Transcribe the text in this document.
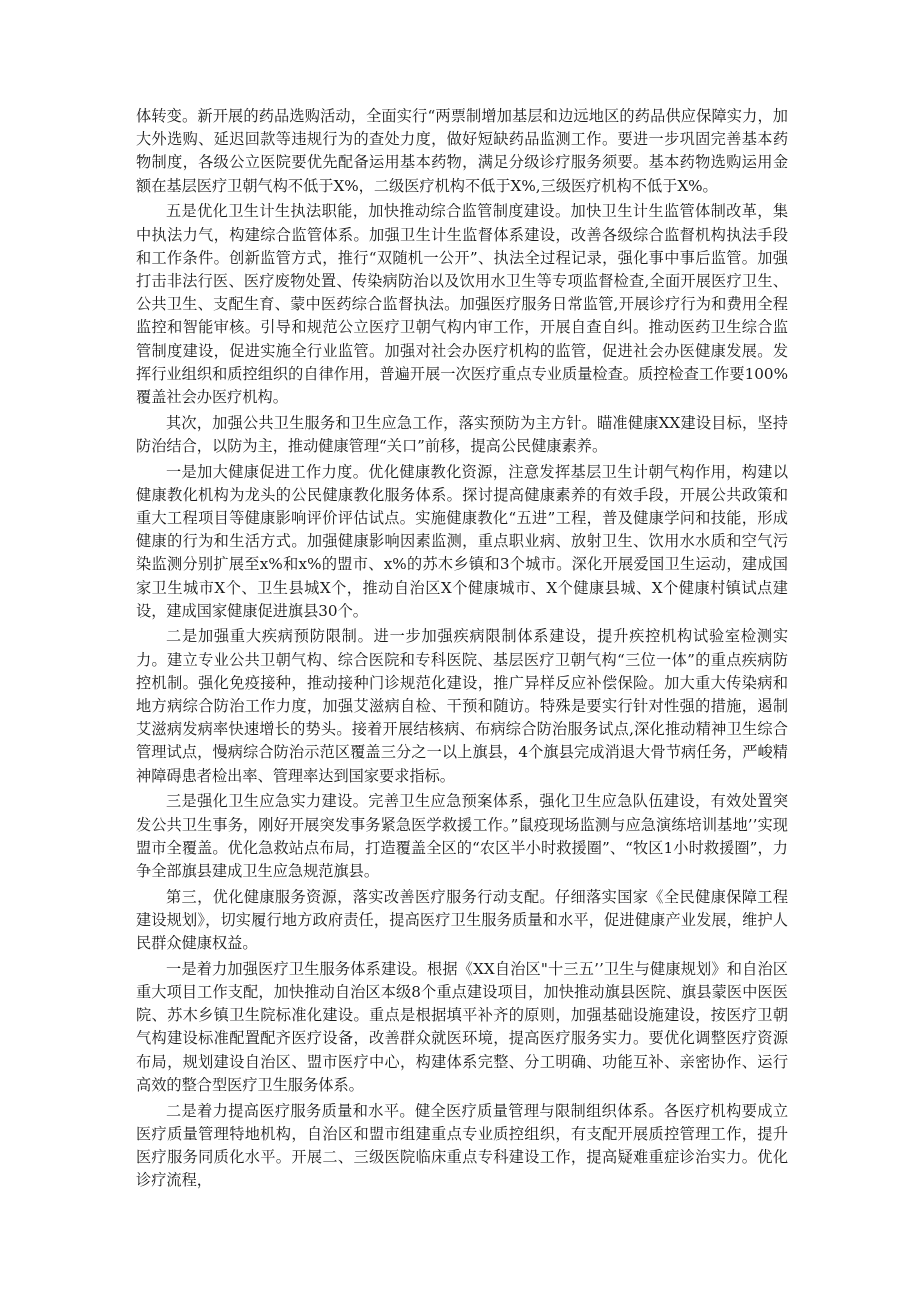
体转变。新开展的药品选购活动，全面实行“两票制增加基层和边远地区的药品供应保障实力，加大外选购、延迟回款等违规行为的查处力度，做好短缺药品监测工作。要进一步巩固完善基本药物制度，各级公立医院要优先配备运用基本药物，满足分级诊疗服务须要。基本药物选购运用金额在基层医疗卫朝气构不低于X%，二级医疗机构不低于X%,三级医疗机构不低于X%。

五是优化卫生计生执法职能，加快推动综合监管制度建设。加快卫生计生监管体制改革，集中执法力气，构建综合监管体系。加强卫生计生监督体系建设，改善各级综合监督机构执法手段和工作条件。创新监管方式，推行“双随机一公开”、执法全过程记录，强化事中事后监管。加强打击非法行医、医疗废物处置、传染病防治以及饮用水卫生等专项监督检查,全面开展医疗卫生、公共卫生、支配生育、蒙中医药综合监督执法。加强医疗服务日常监管,开展诊疗行为和费用全程监控和智能审核。引导和规范公立医疗卫朝气构内审工作，开展自查自纠。推动医药卫生综合监管制度建设，促进实施全行业监管。加强对社会办医疗机构的监管，促进社会办医健康发展。发挥行业组织和质控组织的自律作用，普遍开展一次医疗重点专业质量检查。质控检查工作要100%覆盖社会办医疗机构。

其次，加强公共卫生服务和卫生应急工作，落实预防为主方针。瞄准健康XX建设目标，坚持防治结合，以防为主，推动健康管理“关口”前移，提高公民健康素养。

一是加大健康促进工作力度。优化健康教化资源，注意发挥基层卫生计朝气构作用，构建以健康教化机构为龙头的公民健康教化服务体系。探讨提高健康素养的有效手段，开展公共政策和重大工程项目等健康影响评价评估试点。实施健康教化“五进”工程，普及健康学问和技能，形成健康的行为和生活方式。加强健康影响因素监测，重点职业病、放射卫生、饮用水水质和空气污染监测分别扩展至x%和x%的盟市、x%的苏木乡镇和3个城市。深化开展爱国卫生运动，建成国家卫生城市X个、卫生县城X个，推动自治区X个健康城市、X个健康县城、X个健康村镇试点建设，建成国家健康促进旗县30个。

二是加强重大疾病预防限制。进一步加强疾病限制体系建设，提升疾控机构试验室检测实力。建立专业公共卫朝气构、综合医院和专科医院、基层医疗卫朝气构“三位一体”的重点疾病防控机制。强化免疫接种，推动接种门诊规范化建设，推广异样反应补偿保险。加大重大传染病和地方病综合防治工作力度，加强艾滋病自检、干预和随访。特殊是要实行针对性强的措施，遏制艾滋病发病率快速增长的势头。接着开展结核病、布病综合防治服务试点,深化推动精神卫生综合管理试点，慢病综合防治示范区覆盖三分之一以上旗县，4个旗县完成消退大骨节病任务，严峻精神障碍患者检出率、管理率达到国家要求指标。

三是强化卫生应急实力建设。完善卫生应急预案体系，强化卫生应急队伍建设，有效处置突发公共卫生事务，刚好开展突发事务紧急医学救援工作。”鼠疫现场监测与应急演练培训基地’’实现盟市全覆盖。优化急救站点布局，打造覆盖全区的“农区半小时救援圈”、“牧区1小时救援圈”，力争全部旗县建成卫生应急规范旗县。

第三，优化健康服务资源，落实改善医疗服务行动支配。仔细落实国家《全民健康保障工程建设规划》，切实履行地方政府责任，提高医疗卫生服务质量和水平，促进健康产业发展，维护人民群众健康权益。

一是着力加强医疗卫生服务体系建设。根据《XX自治区"十三五’’卫生与健康规划》和自治区重大项目工作支配，加快推动自治区本级8个重点建设项目，加快推动旗县医院、旗县蒙医中医医院、苏木乡镇卫生院标准化建设。重点是根据填平补齐的原则，加强基础设施建设，按医疗卫朝气构建设标准配置配齐医疗设备，改善群众就医环境，提高医疗服务实力。要优化调整医疗资源布局，规划建设自治区、盟市医疗中心，构建体系完整、分工明确、功能互补、亲密协作、运行高效的整合型医疗卫生服务体系。

二是着力提高医疗服务质量和水平。健全医疗质量管理与限制组织体系。各医疗机构要成立医疗质量管理特地机构，自治区和盟市组建重点专业质控组织，有支配开展质控管理工作，提升医疗服务同质化水平。开展二、三级医院临床重点专科建设工作，提高疑难重症诊治实力。优化诊疗流程，
